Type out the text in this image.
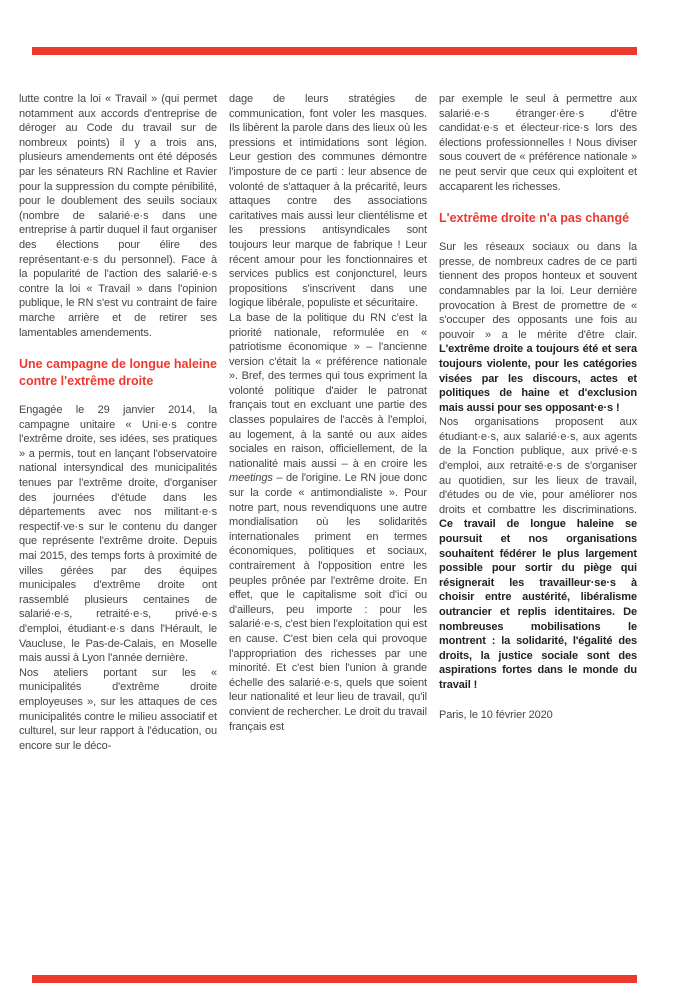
lutte contre la loi « Travail » (qui permet notamment aux accords d'entreprise de déroger au Code du travail sur de nombreux points) il y a trois ans, plusieurs amendements ont été déposés par les sénateurs RN Rachline et Ravier pour la suppression du compte pénibilité, pour le doublement des seuils sociaux (nombre de salarié·e·s dans une entreprise à partir duquel il faut organiser des élections pour élire des représentant·e·s du personnel). Face à la popularité de l'action des salarié·e·s contre la loi « Travail » dans l'opinion publique, le RN s'est vu contraint de faire marche arrière et de retirer ses lamentables amendements.

Une campagne de longue haleine contre l'extrême droite

Engagée le 29 janvier 2014, la campagne unitaire « Uni·e·s contre l'extrême droite, ses idées, ses pratiques » a permis, tout en lançant l'observatoire national intersyndical des municipalités tenues par l'extrême droite, d'organiser des journées d'étude dans les départements avec nos militant·e·s respectif·ve·s sur le contenu du danger que représente l'extrême droite. Depuis mai 2015, des temps forts à proximité de villes gérées par des équipes municipales d'extrême droite ont rassemblé plusieurs centaines de salarié·e·s, retraité·e·s, privé·e·s d'emploi, étudiant·e·s dans l'Hérault, le Vaucluse, le Pas-de-Calais, en Moselle mais aussi à Lyon l'année dernière.

Nos ateliers portant sur les « municipalités d'extrême droite employeuses », sur les attaques de ces municipalités contre le milieu associatif et culturel, sur leur rapport à l'éducation, ou encore sur le déco-

dage de leurs stratégies de communication, font voler les masques. Ils libèrent la parole dans des lieux où les pressions et intimidations sont légion. Leur gestion des communes démontre l'imposture de ce parti : leur absence de volonté de s'attaquer à la précarité, leurs attaques contre des associations caritatives mais aussi leur clientélisme et les pressions antisyndicales sont toujours leur marque de fabrique ! Leur récent amour pour les fonctionnaires et services publics est conjoncturel, leurs propositions s'inscrivent dans une logique libérale, populiste et sécuritaire.

La base de la politique du RN c'est la priorité nationale, reformulée en « patriotisme économique » – l'ancienne version c'était la « préférence nationale ». Bref, des termes qui tous expriment la volonté politique d'aider le patronat français tout en excluant une partie des classes populaires de l'accès à l'emploi, au logement, à la santé ou aux aides sociales en raison, officiellement, de la nationalité mais aussi – à en croire les meetings – de l'origine. Le RN joue donc sur la corde « antimondialiste ». Pour notre part, nous revendiquons une autre mondialisation où les solidarités internationales priment en termes économiques, politiques et sociaux, contrairement à l'opposition entre les peuples prônée par l'extrême droite. En effet, que le capitalisme soit d'ici ou d'ailleurs, peu importe : pour les salarié·e·s, c'est bien l'exploitation qui est en cause. C'est bien cela qui provoque l'appropriation des richesses par une minorité. Et c'est bien l'union à grande échelle des salarié·e·s, quels que soient leur nationalité et leur lieu de travail, qu'il convient de rechercher. Le droit du travail français est

par exemple le seul à permettre aux salarié·e·s étranger·ère·s d'être candidat·e·s et électeur·rice·s lors des élections professionnelles ! Nous diviser sous couvert de « préférence nationale » ne peut servir que ceux qui exploitent et accaparent les richesses.

L'extrême droite n'a pas changé

Sur les réseaux sociaux ou dans la presse, de nombreux cadres de ce parti tiennent des propos honteux et souvent condamnables par la loi. Leur dernière provocation à Brest de promettre de « s'occuper des opposants une fois au pouvoir » a le mérite d'être clair. L'extrême droite a toujours été et sera toujours violente, pour les catégories visées par les discours, actes et politiques de haine et d'exclusion mais aussi pour ses opposant·e·s !

Nos organisations proposent aux étudiant·e·s, aux salarié·e·s, aux agents de la Fonction publique, aux privé·e·s d'emploi, aux retraité·e·s de s'organiser au quotidien, sur les lieux de travail, d'études ou de vie, pour améliorer nos droits et combattre les discriminations. Ce travail de longue haleine se poursuit et nos organisations souhaitent fédérer le plus largement possible pour sortir du piège qui résignerait les travailleur·se·s à choisir entre austérité, libéralisme outrancier et replis identitaires. De nombreuses mobilisations le montrent : la solidarité, l'égalité des droits, la justice sociale sont des aspirations fortes dans le monde du travail !

Paris, le 10 février 2020
